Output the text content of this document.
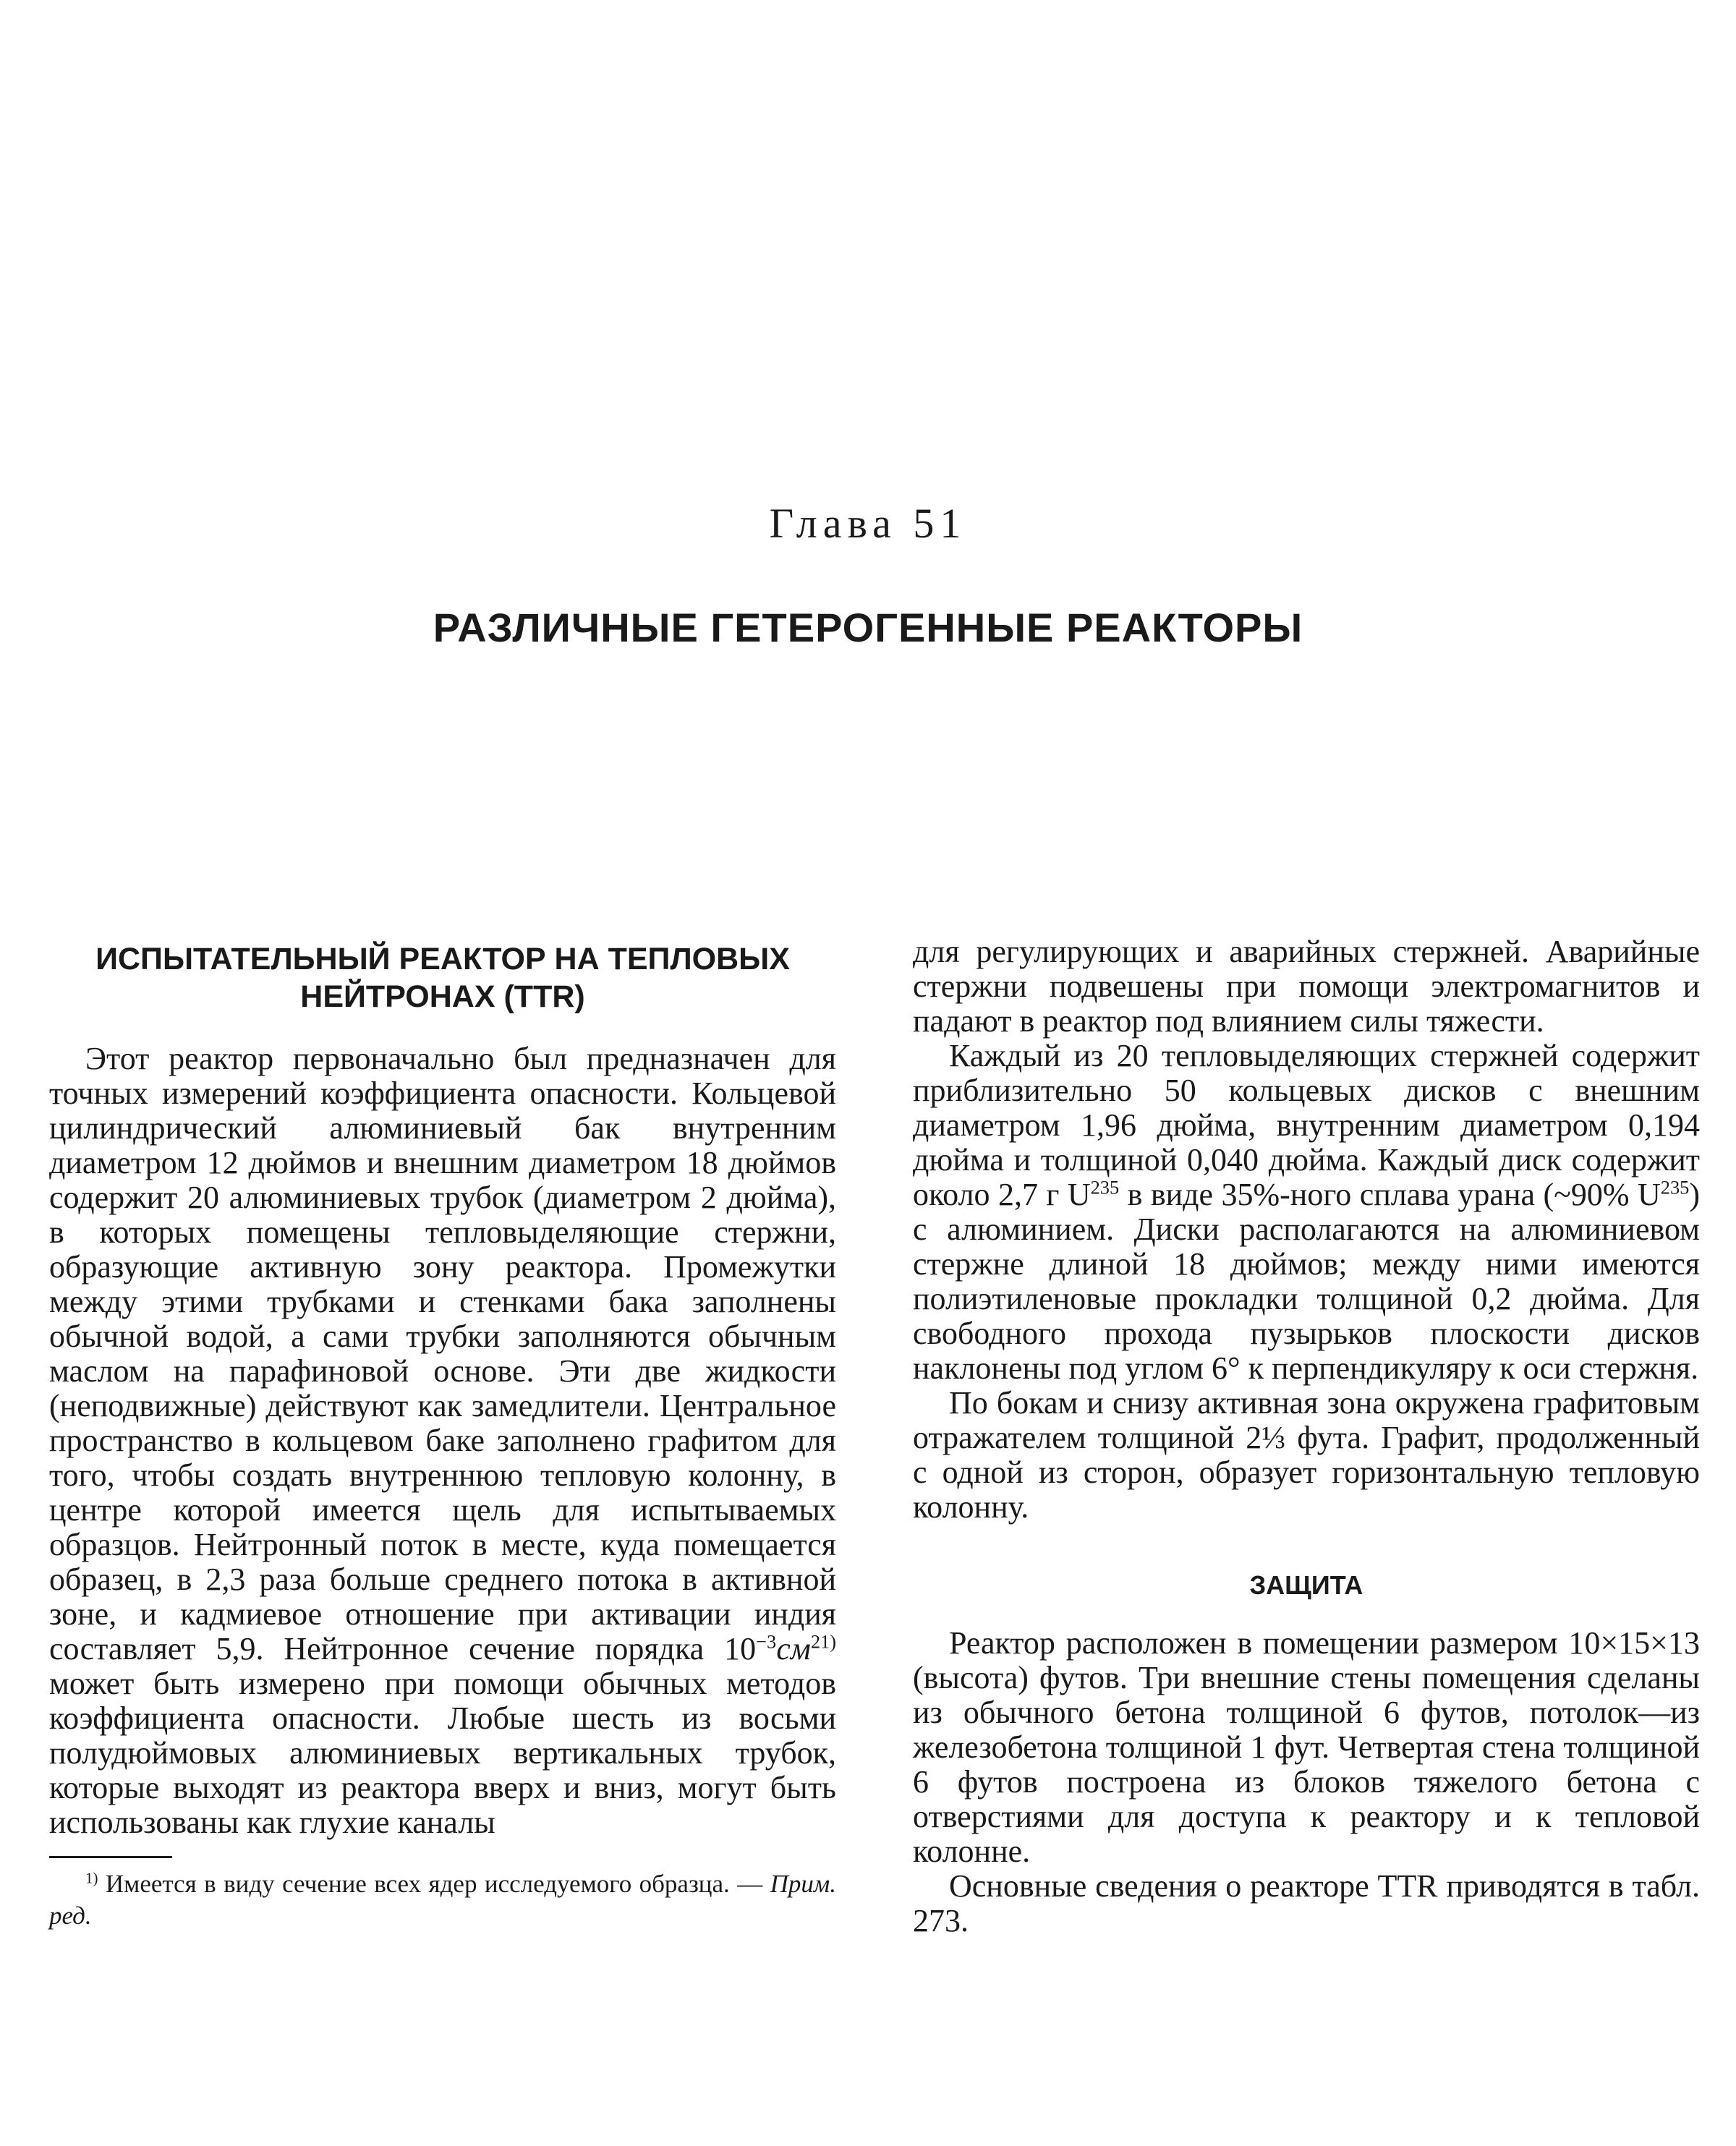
Глава 51
РАЗЛИЧНЫЕ ГЕТЕРОГЕННЫЕ РЕАКТОРЫ
ИСПЫТАТЕЛЬНЫЙ РЕАКТОР НА ТЕПЛОВЫХ НЕЙТРОНАХ (TTR)

Этот реактор первоначально был предназначен для точных измерений коэффициента опасности. Кольцевой цилиндрический алюминиевый бак внутренним диаметром 12 дюймов и внешним диаметром 18 дюймов содержит 20 алюминиевых трубок (диаметром 2 дюйма), в которых помещены тепловыделяющие стержни, образующие активную зону реактора. Промежутки между этими трубками и стенками бака заполнены обычной водой, а сами трубки заполняются обычным маслом на парафиновой основе. Эти две жидкости (неподвижные) действуют как замедлители. Центральное пространство в кольцевом баке заполнено графитом для того, чтобы создать внутреннюю тепловую колонну, в центре которой имеется щель для испытываемых образцов. Нейтронный поток в месте, куда помещается образец, в 2,3 раза больше среднего потока в активной зоне, и кадмиевое отношение при активации индия составляет 5,9. Нейтронное сечение порядка $10^{-3}см^{21)}$ может быть измерено при помощи обычных методов коэффициента опасности. Любые шесть из восьми полудюймовых алюминиевых вертикальных трубок, которые выходят из реактора вверх и вниз, могут быть использованы как глухие каналы

$^{1)}$ Имеется в виду сечение всех ядер исследуемого образца. — Прим. ред.

для регулирующих и аварийных стержней. Аварийные стержни подвешены при помощи электромагнитов и падают в реактор под влиянием силы тяжести.

Каждый из 20 тепловыделяющих стержней содержит приблизительно 50 кольцевых дисков с внешним диаметром 1,96 дюйма, внутренним диаметром 0,194 дюйма и толщиной 0,040 дюйма. Каждый диск содержит около 2,7 г $U^{235}$ в виде 35%-ного сплава урана (~90% $U^{235}$) с алюминием. Диски располагаются на алюминиевом стержне длиной 18 дюймов; между ними имеются полиэтиленовые прокладки толщиной 0,2 дюйма. Для свободного прохода пузырьков плоскости дисков наклонены под углом 6° к перпендикуляру к оси стержня.

По бокам и снизу активная зона окружена графитовым отражателем толщиной 2⅓ фута. Графит, продолженный с одной из сторон, образует горизонтальную тепловую колонну.

ЗАЩИТА

Реактор расположен в помещении размером 10×15×13 (высота) футов. Три внешние стены помещения сделаны из обычного бетона толщиной 6 футов, потолок—из железобетона толщиной 1 фут. Четвертая стена толщиной 6 футов построена из блоков тяжелого бетона с отверстиями для доступа к реактору и к тепловой колонне.

Основные сведения о реакторе TTR приводятся в табл. 273.
